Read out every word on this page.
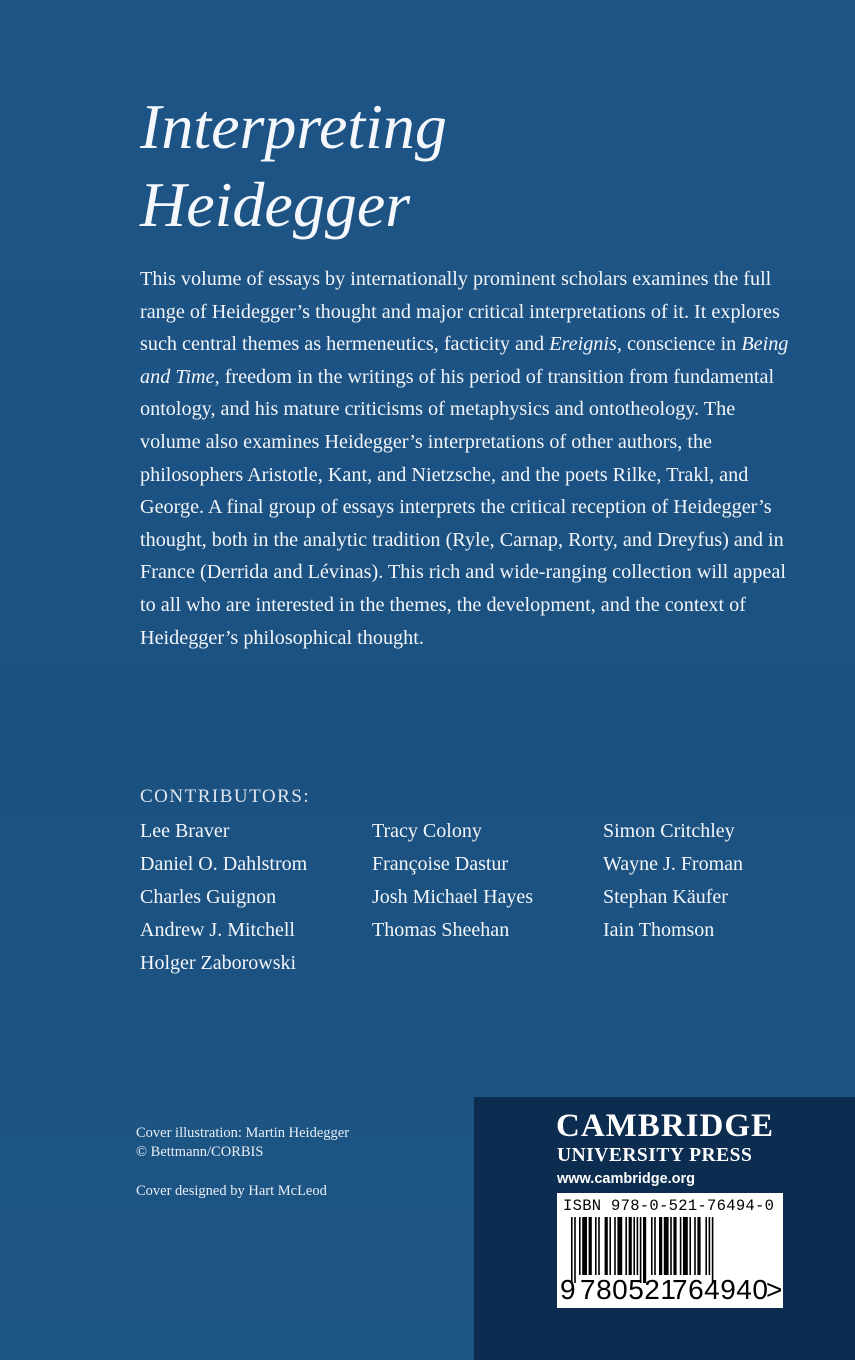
Interpreting
Heidegger

This volume of essays by internationally prominent scholars examines the full range of Heidegger’s thought and major critical interpretations of it. It explores such central themes as hermeneutics, facticity and Ereignis, conscience in Being and Time, freedom in the writings of his period of transition from fundamental ontology, and his mature criticisms of metaphysics and ontotheology. The volume also examines Heidegger’s interpretations of other authors, the philosophers Aristotle, Kant, and Nietzsche, and the poets Rilke, Trakl, and George. A final group of essays interprets the critical reception of Heidegger’s thought, both in the analytic tradition (Ryle, Carnap, Rorty, and Dreyfus) and in France (Derrida and Lévinas). This rich and wide-ranging collection will appeal to all who are interested in the themes, the development, and the context of Heidegger’s philosophical thought.

CONTRIBUTORS:
Lee Braver
Daniel O. Dahlstrom
Charles Guignon
Andrew J. Mitchell
Holger Zaborowski
Tracy Colony
Françoise Dastur
Josh Michael Hayes
Thomas Sheehan
Simon Critchley
Wayne J. Froman
Stephan Käufer
Iain Thomson
Cover illustration: Martin Heidegger
© Bettmann/CORBIS
Cover designed by Hart McLeod
CAMBRIDGE
UNIVERSITY PRESS
www.cambridge.org
ISBN 978-0-521-76494-0
9 780521
764940
>
